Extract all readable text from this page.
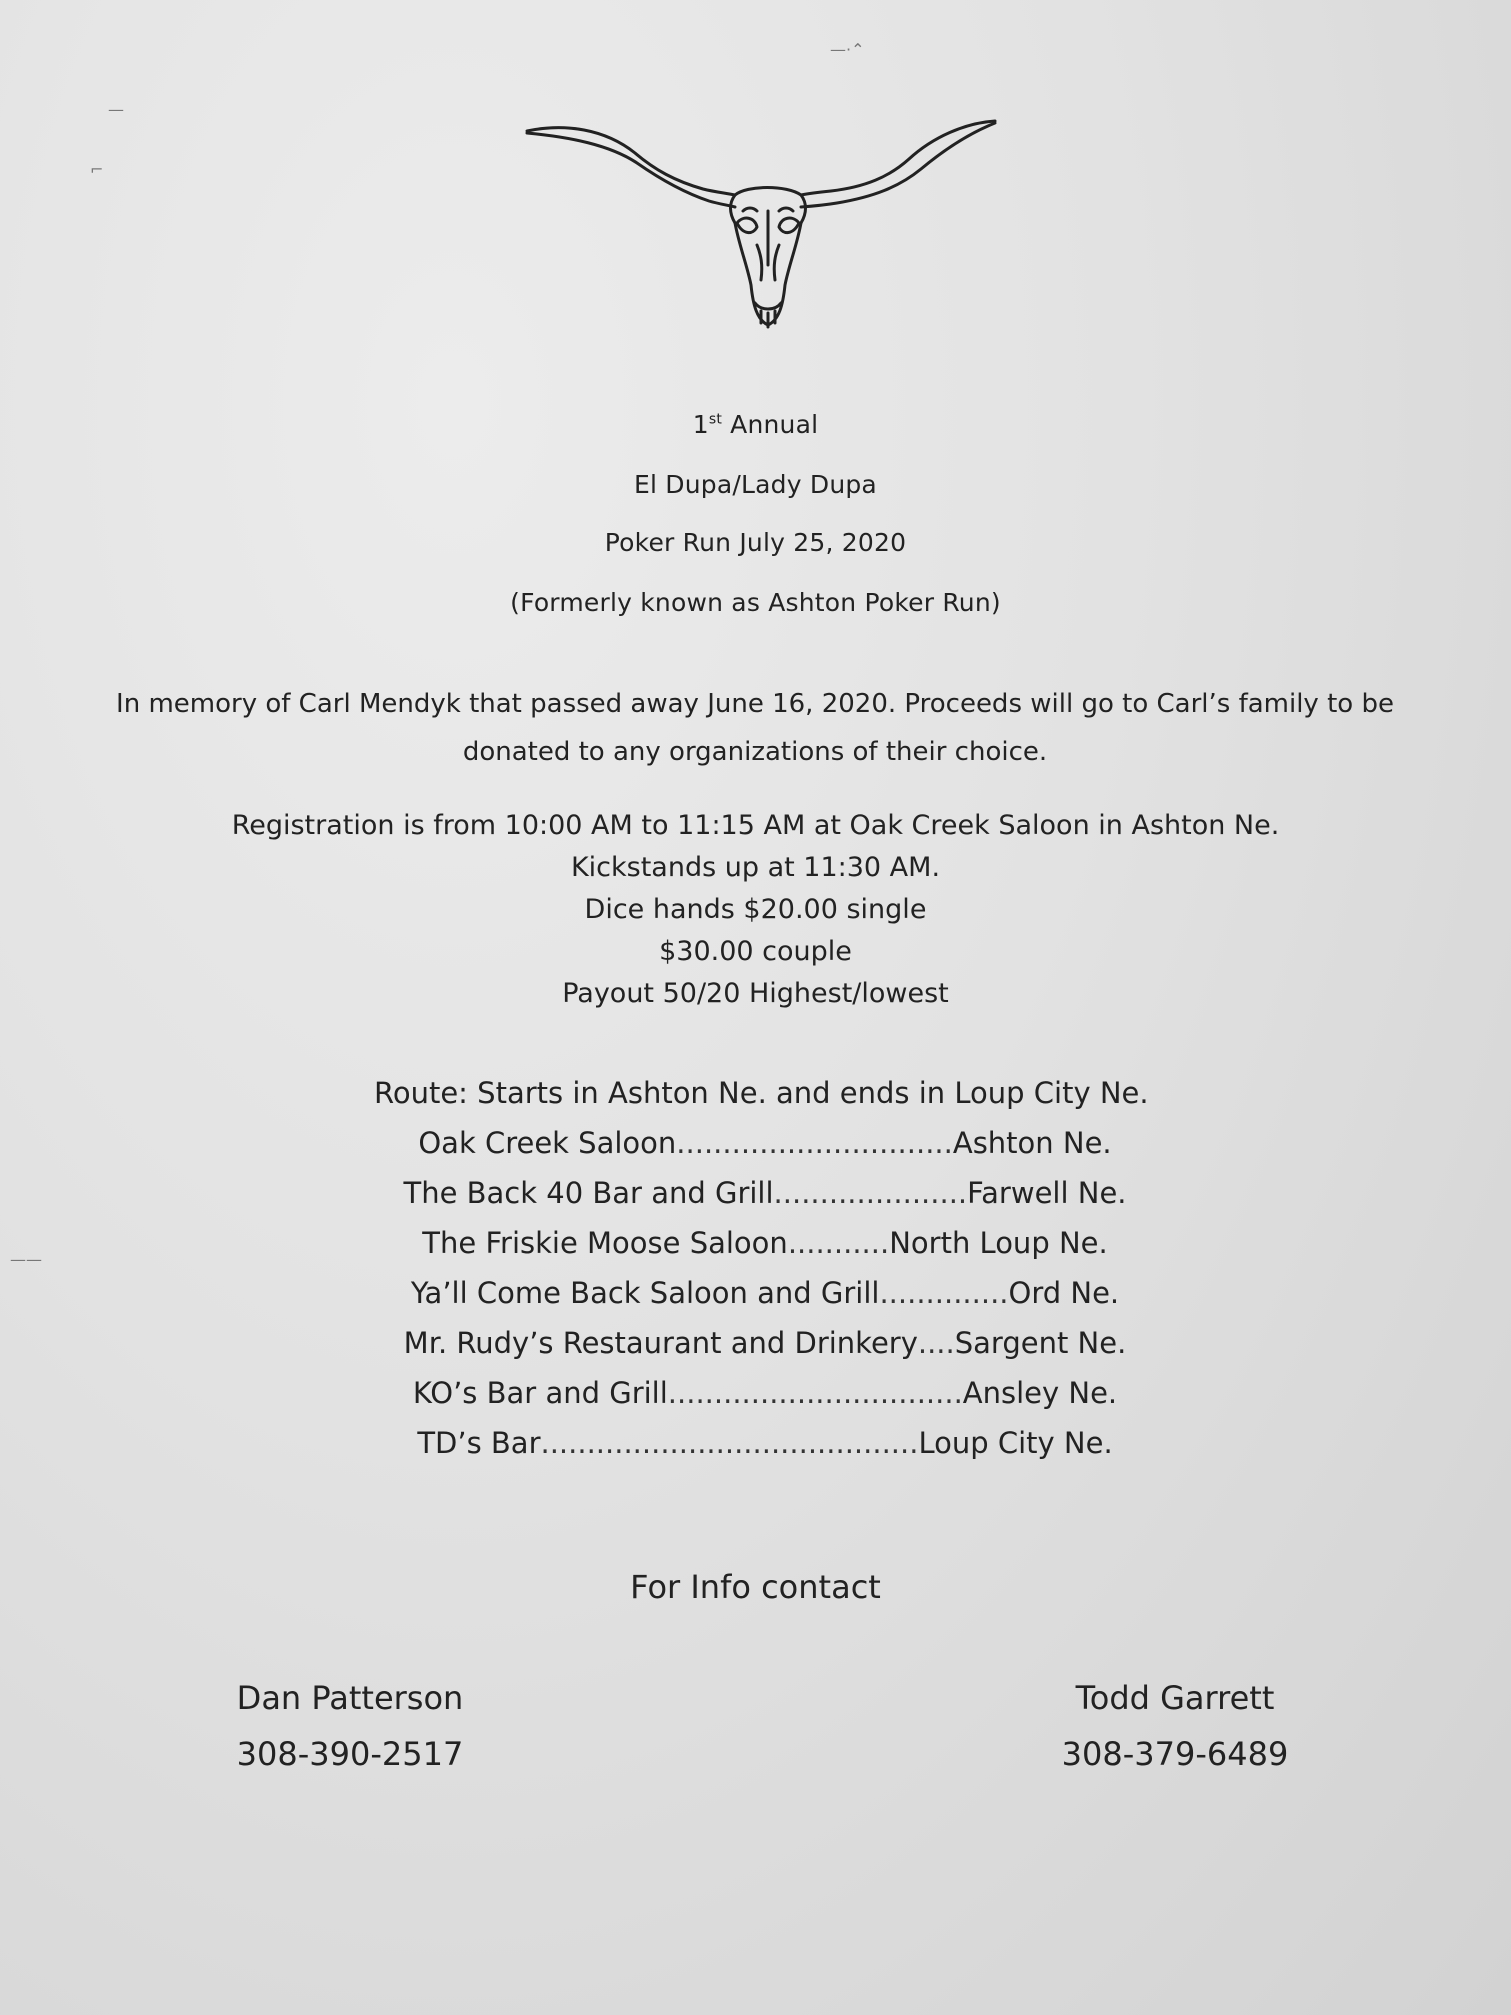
—
⌐
—·⌃
——
1st Annual
El Dupa/Lady Dupa
Poker Run July 25, 2020
(Formerly known as Ashton Poker Run)
In memory of Carl Mendyk that passed away June 16, 2020. Proceeds will go to Carl’s family to be
donated to any organizations of their choice.
Registration is from 10:00 AM to 11:15 AM at Oak Creek Saloon in Ashton Ne.
Kickstands up at 11:30 AM.
Dice hands $20.00 single
$30.00 couple
Payout 50/20 Highest/lowest
Route: Starts in Ashton Ne. and ends in Loup City Ne.
Oak Creek Saloon .............................. Ashton Ne.
The Back 40 Bar and Grill ..................... Farwell Ne.
The Friskie Moose Saloon ........... North Loup Ne.
Ya’ll Come Back Saloon and Grill .............. Ord Ne.
Mr. Rudy’s Restaurant and Drinkery .... Sargent Ne.
KO’s Bar and Grill ................................ Ansley Ne.
TD’s Bar ......................................... Loup City Ne.
For Info contact
Dan Patterson
308-390-2517
Todd Garrett
308-379-6489
